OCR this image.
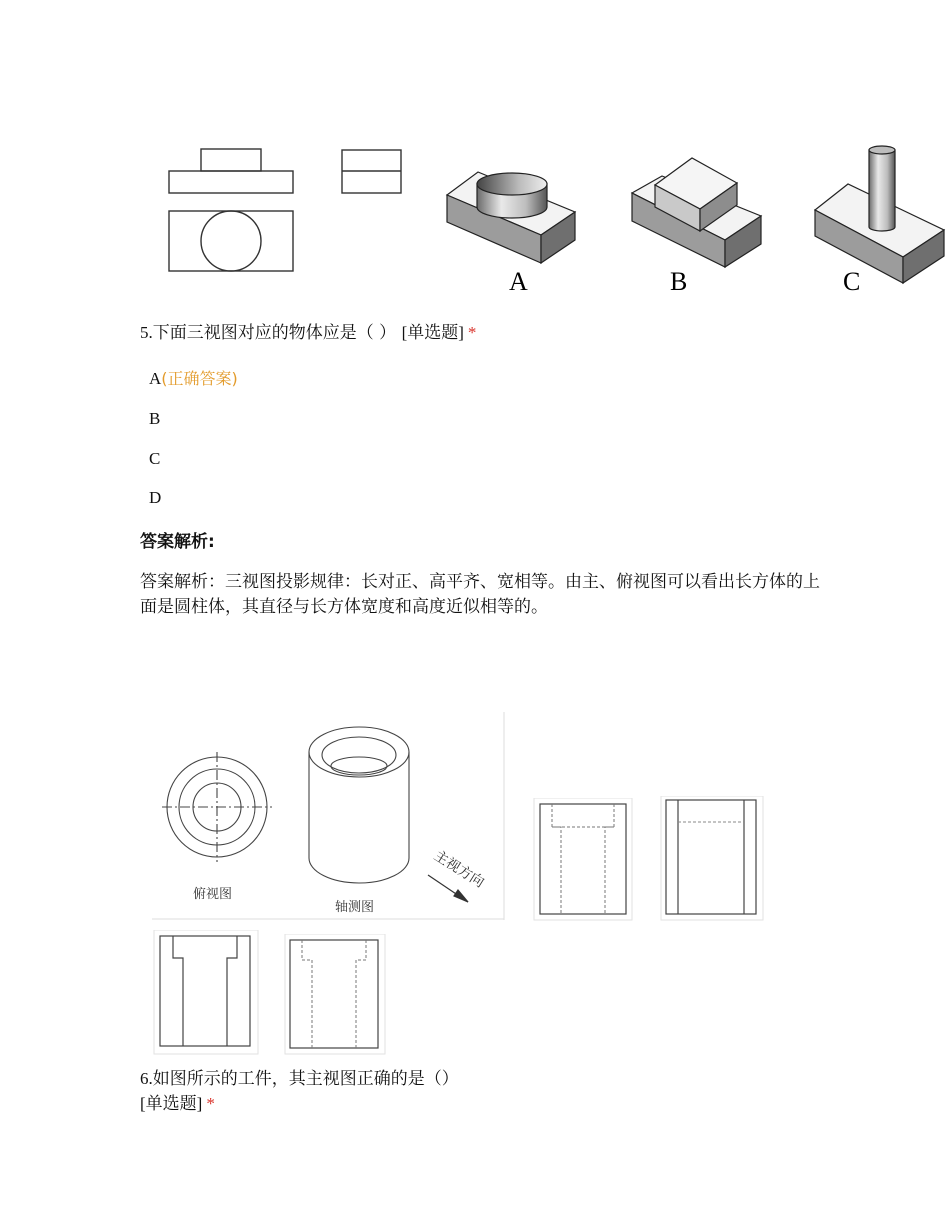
A	B	C
5.下面三视图对应的物体应是（ ） [单选题] *
A(正确答案)
B
C
D
答案解析:
答案解析：三视图投影规律：长对正、高平齐、宽相等。由主、俯视图可以看出长方体的上面是圆柱体，其直径与长方体宽度和高度近似相等的。
俯视图
轴测图
主视方向
6.如图所示的工件，其主视图正确的是（）
[单选题] *
